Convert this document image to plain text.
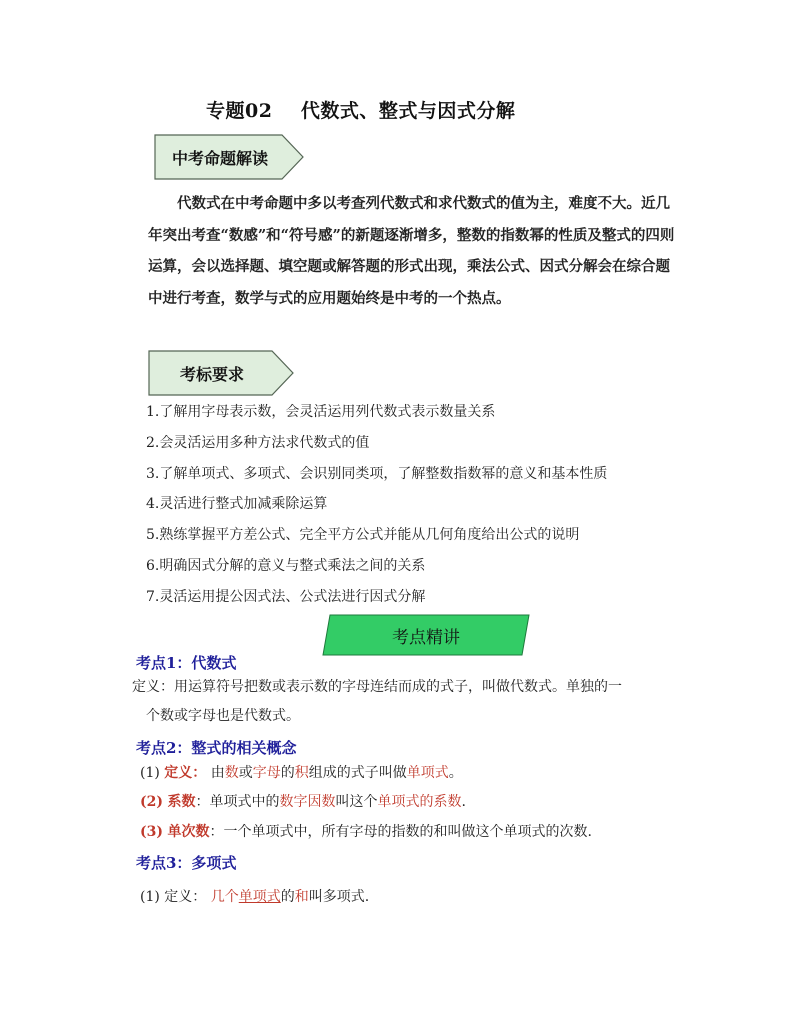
专题02    代数式、整式与因式分解
中考命题解读

代数式在中考命题中多以考查列代数式和求代数式的值为主，难度不大。近几年突出考查“数感”和“符号感”的新题逐渐增多，整数的指数幂的性质及整式的四则运算，会以选择题、填空题或解答题的形式出现，乘法公式、因式分解会在综合题中进行考查，数学与式的应用题始终是中考的一个热点。

考标要求
1.了解用字母表示数，会灵活运用列代数式表示数量关系
2.会灵活运用多种方法求代数式的值
3.了解单项式、多项式、会识别同类项，了解整数指数幂的意义和基本性质
4.灵活进行整式加减乘除运算
5.熟练掌握平方差公式、完全平方公式并能从几何角度给出公式的说明
6.明确因式分解的意义与整式乘法之间的关系
7.灵活运用提公因式法、公式法进行因式分解
考点精讲
考点1：代数式
定义：用运算符号把数或表示数的字母连结而成的式子，叫做代数式。单独的一
个数或字母也是代数式。
考点2：整式的相关概念
(1) 定义： 由数或字母的积组成的式子叫做单项式。
(2) 系数：单项式中的数字因数叫这个单项式的系数.
(3) 单次数：一个单项式中，所有字母的指数的和叫做这个单项式的次数.
考点3：多项式
(1) 定义： 几个单项式的和叫多项式.
